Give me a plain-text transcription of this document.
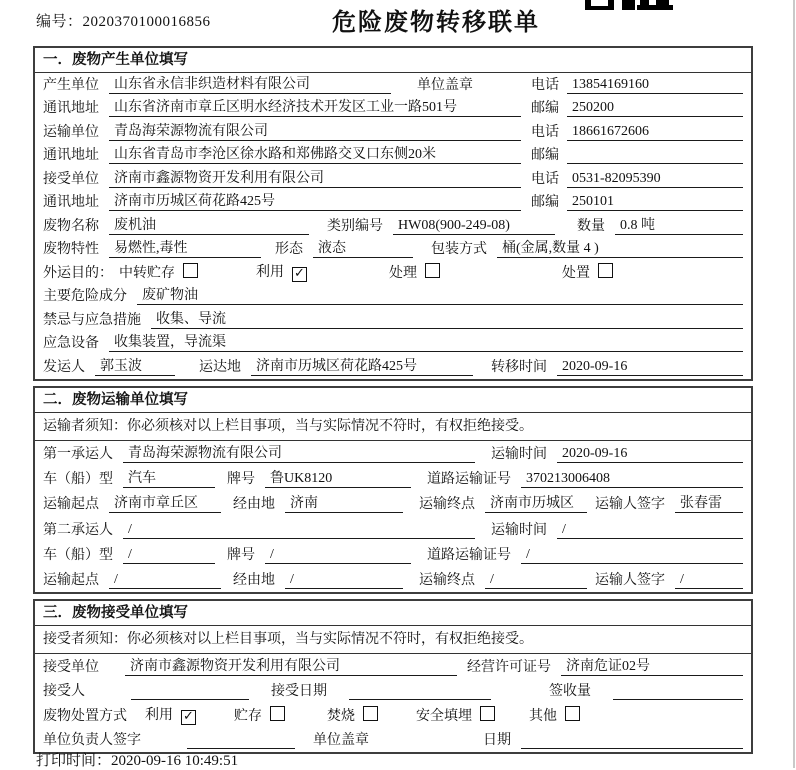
编号：2020370100016856	危险废物转移联单
一．废物产生单位填写
产生单位	山东省永信非织造材料有限公司	单位盖章	电话 13854169160
通讯地址	山东省济南市章丘区明水经济技术开发区工业一路501号	邮编 250200
运输单位	青岛海荣源物流有限公司	电话 18661672606
通讯地址	山东省青岛市李沧区徐水路和郑佛路交叉口东侧20米	邮编
接受单位	济南市鑫源物资开发利用有限公司	电话 0531-82095390
通讯地址	济南市历城区荷花路425号	邮编 250101
废物名称	废机油	类别编号	HW08(900-249-08)	数量	0.8 吨
废物特性	易燃性,毒性	形态	液态	包装方式	桶(金属,数量 4 )
外运目的： 中转贮存	利用 ✓	处理	处置
主要危险成分	废矿物油
禁忌与应急措施	收集、导流
应急设备	收集装置，导流渠
发运人	郭玉波	运达地	济南市历城区荷花路425号	转移时间	2020-09-16
二．废物运输单位填写
运输者须知：你必须核对以上栏目事项，当与实际情况不符时，有权拒绝接受。
第一承运人	青岛海荣源物流有限公司	运输时间	2020-09-16
车（船）型	汽车	牌号	鲁UK8120	道路运输证号	370213006408
运输起点	济南市章丘区	经由地	济南	运输终点	济南市历城区	运输人签字	张春雷
第二承运人	/	运输时间	/
车（船）型	/	牌号	/	道路运输证号	/
运输起点	/	经由地	/	运输终点	/	运输人签字	/
三．废物接受单位填写
接受者须知：你必须核对以上栏目事项，当与实际情况不符时，有权拒绝接受。
接受单位	济南市鑫源物资开发利用有限公司	经营许可证号	济南危证02号
接受人	接受日期	签收量
废物处置方式 利用 ✓	贮存	焚烧	安全填埋	其他
单位负责人签字	单位盖章	日期
打印时间：2020-09-16 10:49:51
